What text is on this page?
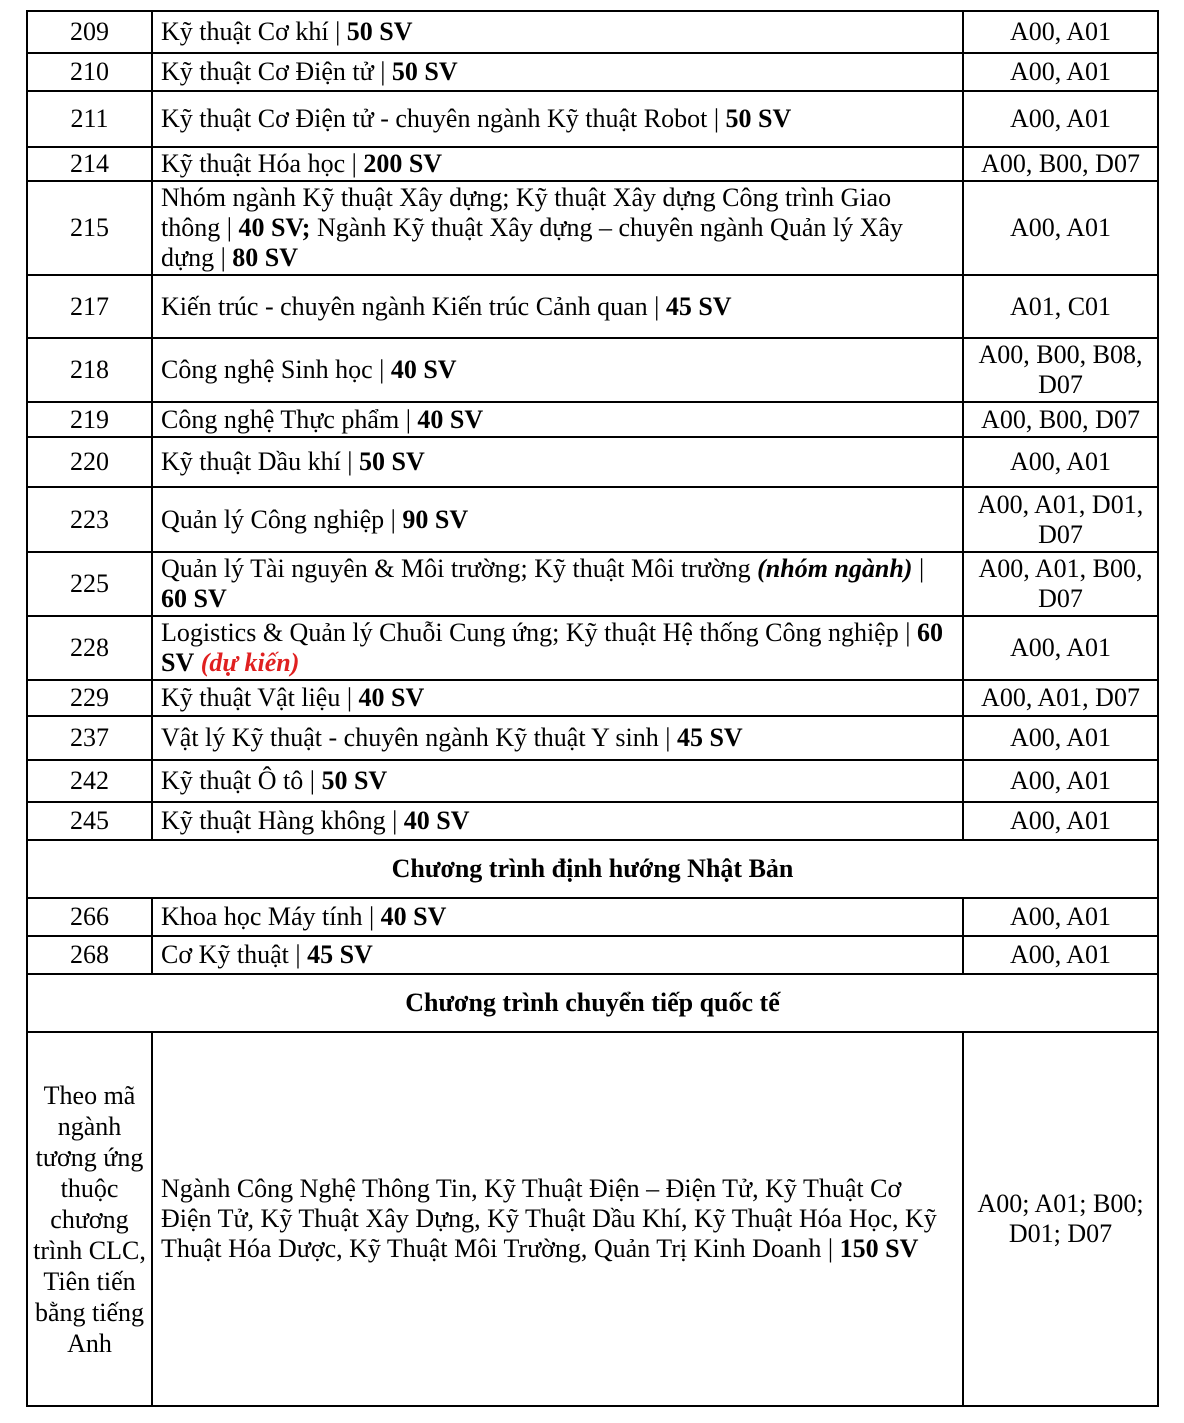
209	Kỹ thuật Cơ khí | 50 SV	A00, A01
210	Kỹ thuật Cơ Điện tử | 50 SV	A00, A01
211	Kỹ thuật Cơ Điện tử - chuyên ngành Kỹ thuật Robot | 50 SV	A00, A01
214	Kỹ thuật Hóa học | 200 SV	A00, B00, D07
215	Nhóm ngành Kỹ thuật Xây dựng; Kỹ thuật Xây dựng Công trình Giao thông | 40 SV; Ngành Kỹ thuật Xây dựng – chuyên ngành Quản lý Xây dựng | 80 SV	A00, A01
217	Kiến trúc - chuyên ngành Kiến trúc Cảnh quan | 45 SV	A01, C01
218	Công nghệ Sinh học | 40 SV	A00, B00, B08, D07
219	Công nghệ Thực phẩm | 40 SV	A00, B00, D07
220	Kỹ thuật Dầu khí | 50 SV	A00, A01
223	Quản lý Công nghiệp | 90 SV	A00, A01, D01, D07
225	Quản lý Tài nguyên & Môi trường; Kỹ thuật Môi trường (nhóm ngành) | 60 SV	A00, A01, B00, D07
228	Logistics & Quản lý Chuỗi Cung ứng; Kỹ thuật Hệ thống Công nghiệp | 60 SV (dự kiến)	A00, A01
229	Kỹ thuật Vật liệu | 40 SV	A00, A01, D07
237	Vật lý Kỹ thuật - chuyên ngành Kỹ thuật Y sinh | 45 SV	A00, A01
242	Kỹ thuật Ô tô | 50 SV	A00, A01
245	Kỹ thuật Hàng không | 40 SV	A00, A01
Chương trình định hướng Nhật Bản		
266	Khoa học Máy tính | 40 SV	A00, A01
268	Cơ Kỹ thuật | 45 SV	A00, A01
Chương trình chuyển tiếp quốc tế		
Theo mã ngành tương ứng thuộc chương trình CLC, Tiên tiến bằng tiếng Anh	Ngành Công Nghệ Thông Tin, Kỹ Thuật Điện – Điện Tử, Kỹ Thuật Cơ Điện Tử, Kỹ Thuật Xây Dựng, Kỹ Thuật Dầu Khí, Kỹ Thuật Hóa Học, Kỹ Thuật Hóa Dược, Kỹ Thuật Môi Trường, Quản Trị Kinh Doanh | 150 SV	A00; A01; B00; D01; D07
